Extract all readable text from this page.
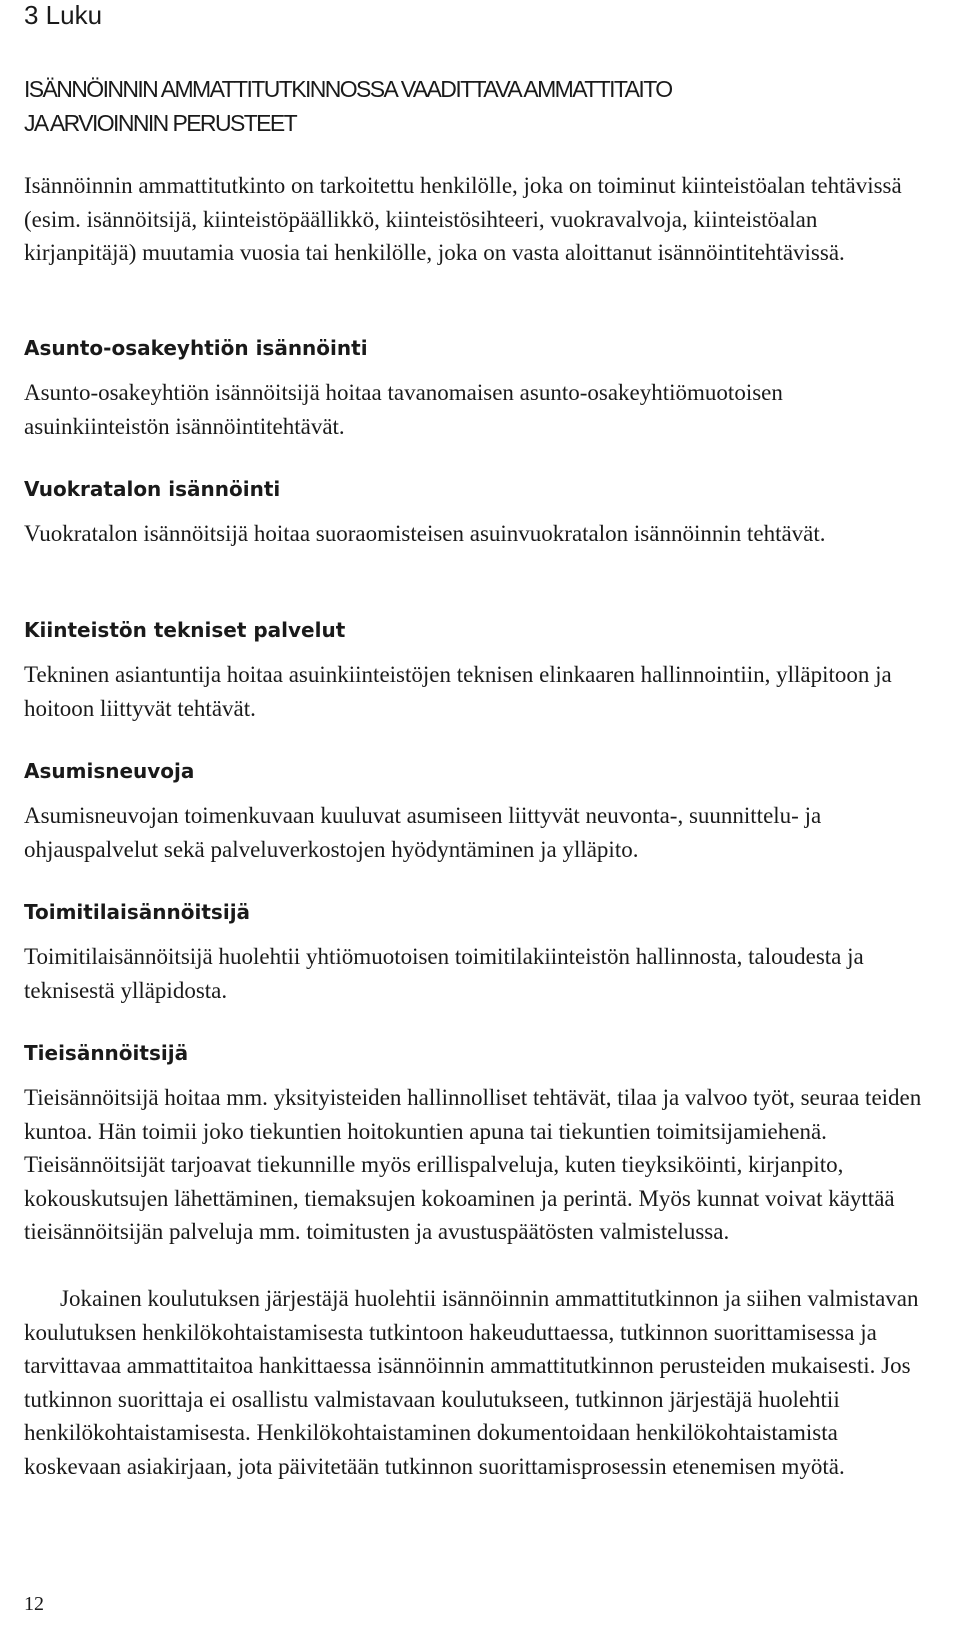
3 Luku
ISÄNNÖINNIN AMMATTITUTKINNOSSA VAADITTAVA AMMATTITAITO
JA ARVIOINNIN PERUSTEET

Isännöinnin ammattitutkinto on tarkoitettu henkilölle, joka on toiminut kiinteistöalan tehtävissä (esim. isännöitsijä, kiinteistöpäällikkö, kiinteistösihteeri, vuokravalvoja, kiinteistöalan kirjanpitäjä) muutamia vuosia tai henkilölle, joka on vasta aloittanut isännöintitehtävissä.

Asunto-osakeyhtiön isännöinti

Asunto-osakeyhtiön isännöitsijä hoitaa tavanomaisen asunto-osakeyhtiömuotoisen asuinkiinteistön isännöintitehtävät.

Vuokratalon isännöinti

Vuokratalon isännöitsijä hoitaa suoraomisteisen asuinvuokratalon isännöinnin tehtävät.

Kiinteistön tekniset palvelut

Tekninen asiantuntija hoitaa asuinkiinteistöjen teknisen elinkaaren hallinnointiin, ylläpitoon ja hoitoon liittyvät tehtävät.

Asumisneuvoja

Asumisneuvojan toimenkuvaan kuuluvat asumiseen liittyvät neuvonta-, suunnittelu- ja ohjauspalvelut sekä palveluverkostojen hyödyntäminen ja ylläpito.

Toimitilaisännöitsijä

Toimitilaisännöitsijä huolehtii yhtiömuotoisen toimitilakiinteistön hallinnosta, taloudesta ja teknisestä ylläpidosta.

Tieisännöitsijä

Tieisännöitsijä hoitaa mm. yksityisteiden hallinnolliset tehtävät, tilaa ja valvoo työt, seuraa teiden kuntoa. Hän toimii joko tiekuntien hoitokuntien apuna tai tiekuntien toimitsijamiehenä. Tieisännöitsijät tarjoavat tiekunnille myös erillispalveluja, kuten tieyksiköinti, kirjanpito, kokouskutsujen lähettäminen, tiemaksujen kokoaminen ja perintä. Myös kunnat voivat käyttää tieisännöitsijän palveluja mm. toimitusten ja avustuspäätösten valmistelussa.

Jokainen koulutuksen järjestäjä huolehtii isännöinnin ammattitutkinnon ja siihen valmistavan koulutuksen henkilökohtaistamisesta tutkintoon hakeuduttaessa, tutkinnon suorittamisessa ja tarvittavaa ammattitaitoa hankittaessa isännöinnin ammattitutkinnon perusteiden mukaisesti. Jos tutkinnon suorittaja ei osallistu valmistavaan koulutukseen, tutkinnon järjestäjä huolehtii henkilökohtaistamisesta. Henkilökohtaistaminen dokumentoidaan henkilökohtaistamista koskevaan asiakirjaan, jota päivitetään tutkinnon suorittamisprosessin etenemisen myötä.

12
